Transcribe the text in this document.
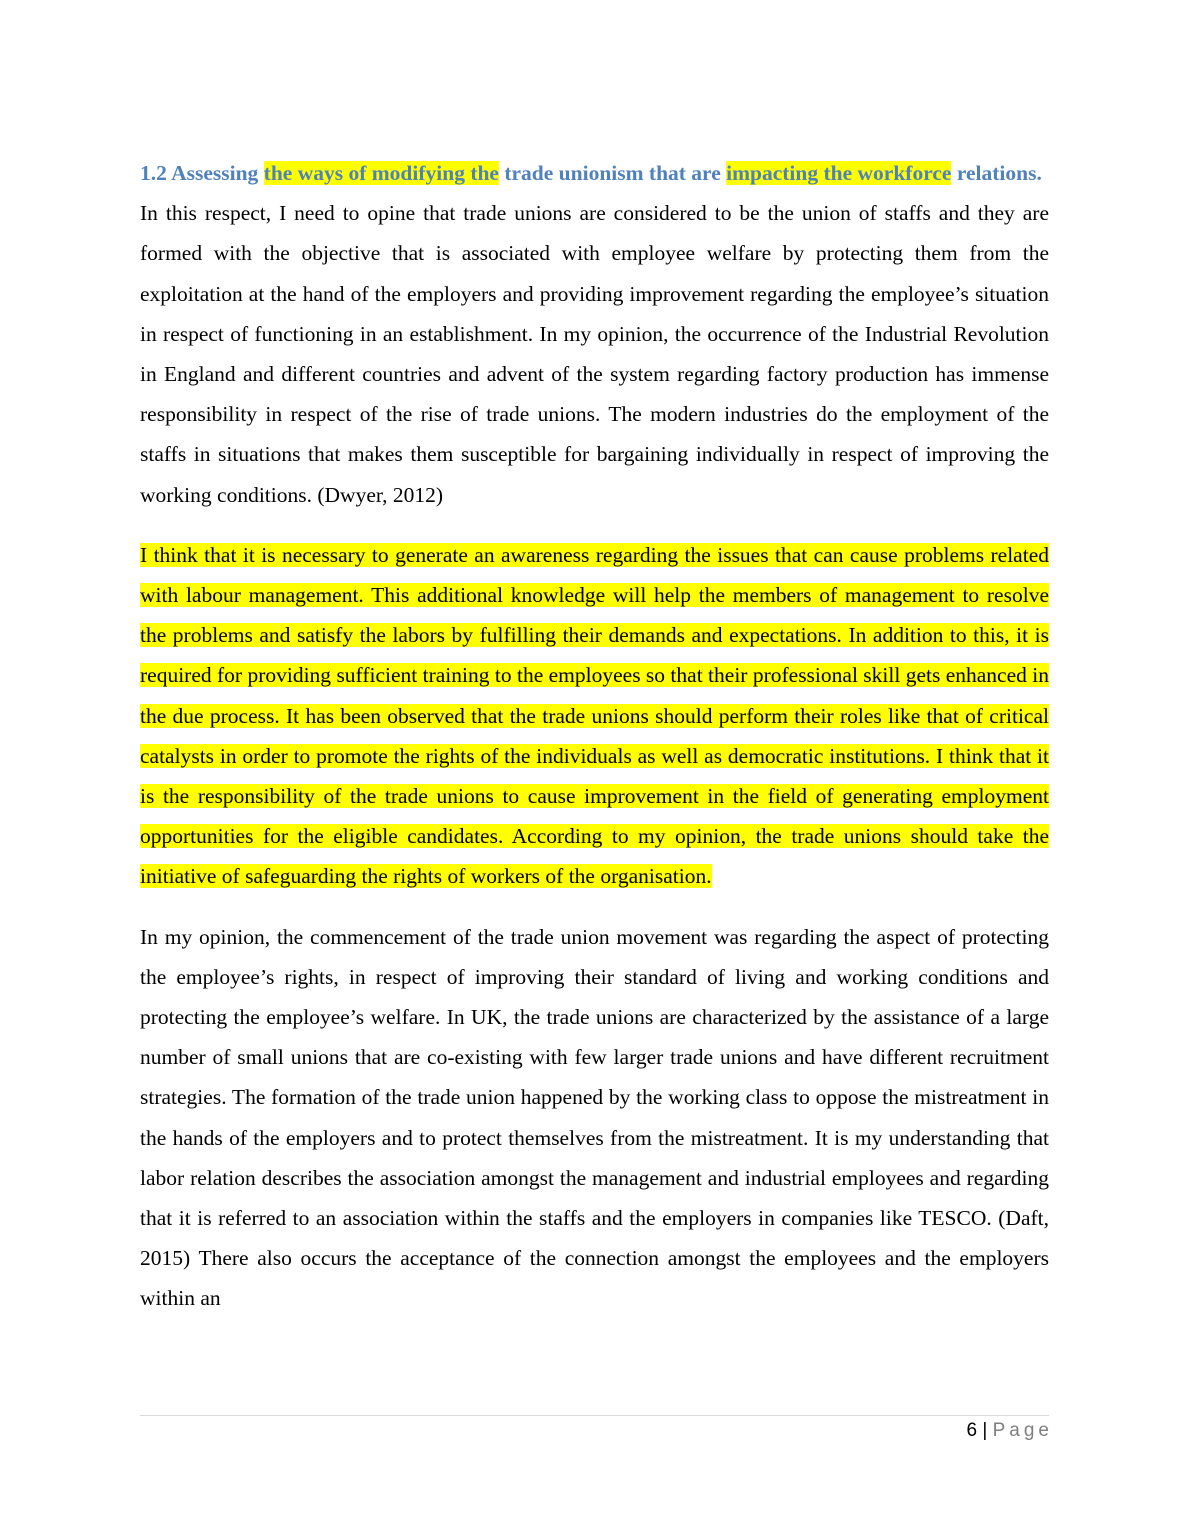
1.2 Assessing the ways of modifying the trade unionism that are impacting the workforce relations.

In this respect, I need to opine that trade unions are considered to be the union of staffs and they are formed with the objective that is associated with employee welfare by protecting them from the exploitation at the hand of the employers and providing improvement regarding the employee’s situation in respect of functioning in an establishment. In my opinion, the occurrence of the Industrial Revolution in England and different countries and advent of the system regarding factory production has immense responsibility in respect of the rise of trade unions. The modern industries do the employment of the staffs in situations that makes them susceptible for bargaining individually in respect of improving the working conditions. (Dwyer, 2012)

I think that it is necessary to generate an awareness regarding the issues that can cause problems related with labour management. This additional knowledge will help the members of management to resolve the problems and satisfy the labors by fulfilling their demands and expectations. In addition to this, it is required for providing sufficient training to the employees so that their professional skill gets enhanced in the due process. It has been observed that the trade unions should perform their roles like that of critical catalysts in order to promote the rights of the individuals as well as democratic institutions. I think that it is the responsibility of the trade unions to cause improvement in the field of generating employment opportunities for the eligible candidates. According to my opinion, the trade unions should take the initiative of safeguarding the rights of workers of the organisation.

In my opinion, the commencement of the trade union movement was regarding the aspect of protecting the employee’s rights, in respect of improving their standard of living and working conditions and protecting the employee’s welfare. In UK, the trade unions are characterized by the assistance of a large number of small unions that are co-existing with few larger trade unions and have different recruitment strategies. The formation of the trade union happened by the working class to oppose the mistreatment in the hands of the employers and to protect themselves from the mistreatment. It is my understanding that labor relation describes the association amongst the management and industrial employees and regarding that it is referred to an association within the staffs and the employers in companies like TESCO. (Daft, 2015) There also occurs the acceptance of the connection amongst the employees and the employers within an

6 | Page
